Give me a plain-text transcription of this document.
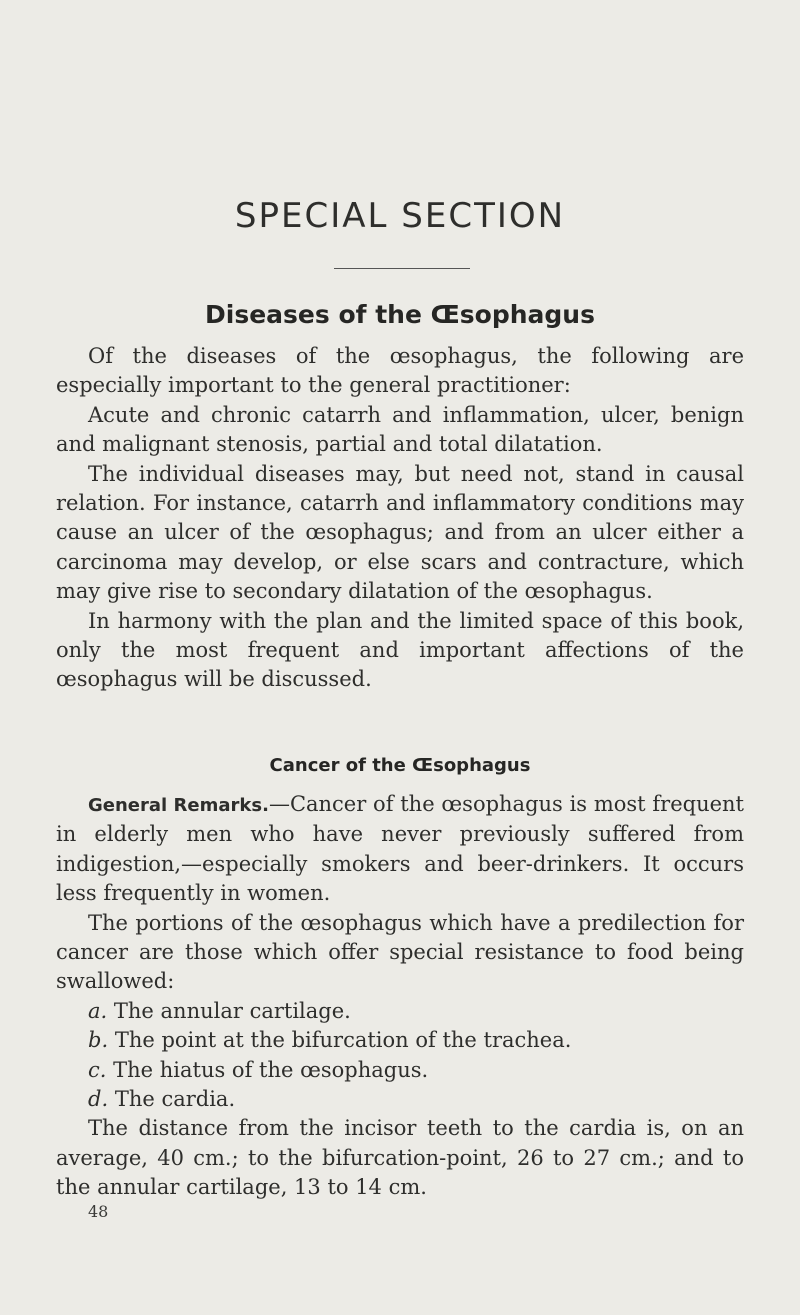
SPECIAL SECTION
Diseases of the Œsophagus

Of the diseases of the œsophagus, the following are especially important to the general practitioner:

Acute and chronic catarrh and inflammation, ulcer, benign and malignant stenosis, partial and total dilatation.

The individual diseases may, but need not, stand in causal relation. For instance, catarrh and inflammatory conditions may cause an ulcer of the œsophagus; and from an ulcer either a carcinoma may develop, or else scars and contracture, which may give rise to secondary dilatation of the œsophagus.

In harmony with the plan and the limited space of this book, only the most frequent and important affections of the œsophagus will be discussed.

Cancer of the Œsophagus

General Remarks.—Cancer of the œsophagus is most frequent in elderly men who have never previously suffered from indigestion,—especially smokers and beer-drinkers. It occurs less frequently in women.

The portions of the œsophagus which have a predilection for cancer are those which offer special resistance to food being swallowed:

a. The annular cartilage.

b. The point at the bifurcation of the trachea.

c. The hiatus of the œsophagus.

d. The cardia.

The distance from the incisor teeth to the cardia is, on an average, 40 cm.; to the bifurcation-point, 26 to 27 cm.; and to the annular cartilage, 13 to 14 cm.

48
